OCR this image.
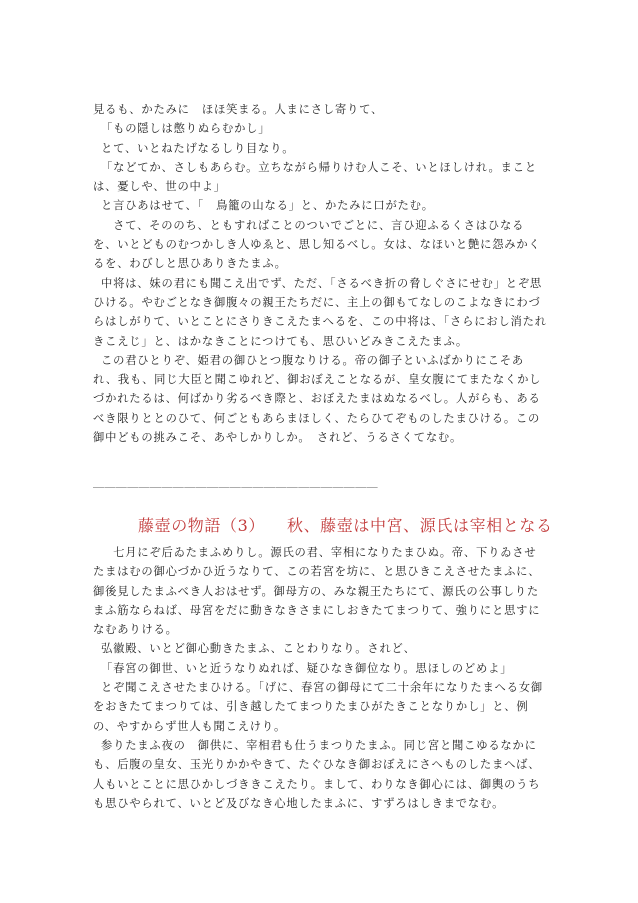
見るも、かたみに　ほほ笑まる。人まにさし寄りて、

「もの隠しは憋りぬらむかし」

とて、いとねたげなるしり目なり。

「などてか、さしもあらむ。立ちながら帰りけむ人こそ、いとほしけれ。まことは、憂しや、世の中よ」

と言ひあはせて、「　鳥籠の山なる」と、かたみに口がたむ。

　さて、そののち、ともすればことのついでごとに、言ひ迎ふるくさはひなるを、いとどものむつかしき人ゆゑと、思し知るべし。女は、なほいと艶に怨みかくるを、わびしと思ひありきたまふ。

中将は、妹の君にも聞こえ出でず、ただ、「さるべき折の脅しぐさにせむ」とぞ思ひける。やむごとなき御腹々の親王たちだに、主上の御もてなしのこよなきにわづらはしがりて、いとことにさりきこえたまへるを、この中将は、「さらにおし消たれきこえじ」と、はかなきことにつけても、思ひいどみきこえたまふ。

この君ひとりぞ、姫君の御ひとつ腹なりける。帝の御子といふばかりにこそあれ、我も、同じ大臣と聞こゆれど、御おぼえことなるが、皇女腹にてまたなくかしづかれたるは、何ばかり劣るべき際と、おぼえたまはぬなるべし。人がらも、あるべき限りととのひて、何ごともあらまほしく、たらひてぞものしたまひける。この御中どもの挑みこそ、あやしかりしか。　されど、うるさくてなむ。

＿＿＿＿＿＿＿＿＿＿＿＿＿＿＿＿＿＿＿＿＿＿＿＿＿
藤壺の物語（3） 秋、藤壺は中宮、源氏は宰相となる

　七月にぞ后ゐたまふめりし。源氏の君、宰相になりたまひぬ。帝、下りゐさせたまはむの御心づかひ近うなりて、この若宮を坊に、と思ひきこえさせたまふに、御後見したまふべき人おはせず。御母方の、みな親王たちにて、源氏の公事しりたまふ筋ならねば、母宮をだに動きなきさまにしおきたてまつりて、強りにと思すになむありける。

弘徽殿、いとど御心動きたまふ、ことわりなり。されど、

「春宮の御世、いと近うなりぬれば、疑ひなき御位なり。思ほしのどめよ」

とぞ聞こえさせたまひける。「げに、春宮の御母にて二十余年になりたまへる女御をおきたてまつりては、引き越したてまつりたまひがたきことなりかし」と、例の、やすからず世人も聞こえけり。

参りたまふ夜の　御供に、宰相君も仕うまつりたまふ。同じ宮と聞こゆるなかにも、后腹の皇女、玉光りかかやきて、たぐひなき御おぼえにさへものしたまへば、人もいとことに思ひかしづききこえたり。まして、わりなき御心には、御輿のうちも思ひやられて、いとど及びなき心地したまふに、すずろはしきまでなむ。
